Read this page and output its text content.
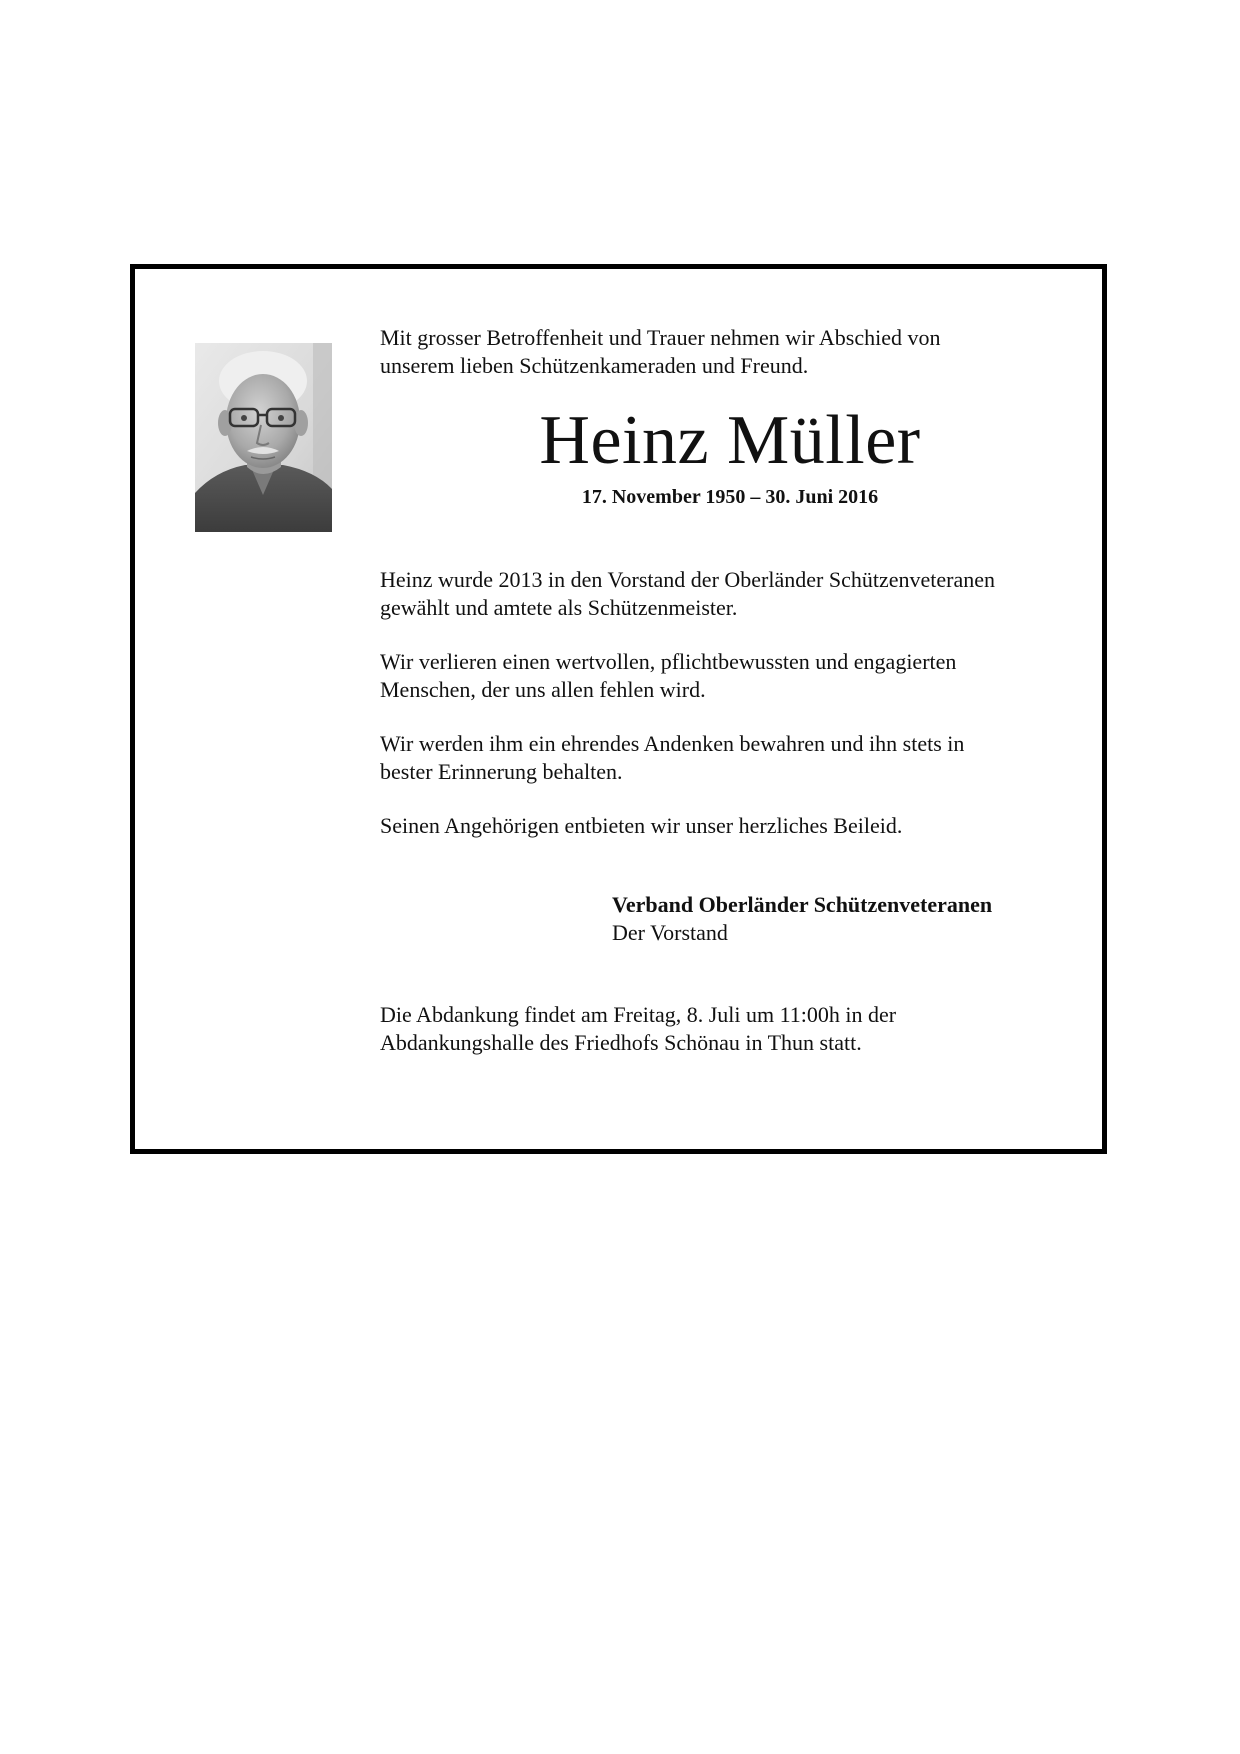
Mit grosser Betroffenheit und Trauer nehmen wir Abschied von
unserem lieben Schützenkameraden und Freund.

Heinz Müller

17. November 1950 – 30. Juni 2016

Heinz wurde 2013 in den Vorstand der Oberländer Schützenveteranen
gewählt und amtete als Schützenmeister.

Wir verlieren einen wertvollen, pflichtbewussten und engagierten
Menschen, der uns allen fehlen wird.

Wir werden ihm ein ehrendes Andenken bewahren und ihn stets in
bester Erinnerung behalten.

Seinen Angehörigen entbieten wir unser herzliches Beileid.

Verband Oberländer Schützenveteranen
Der Vorstand

Die Abdankung findet am Freitag, 8. Juli um 11:00h in der
Abdankungshalle des Friedhofs Schönau in Thun statt.
